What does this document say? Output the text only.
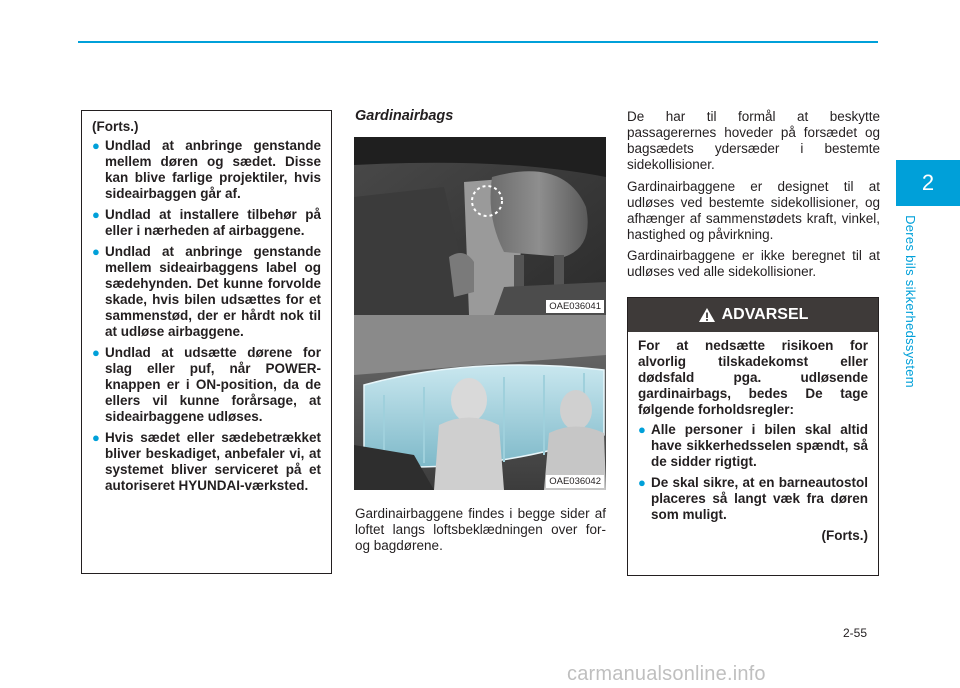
2
Deres bils sikkerhedssystem
(Forts.)
● Undlad at anbringe genstande mellem døren og sædet. Disse kan blive farlige projektiler, hvis sideairbaggen går af.
● Undlad at installere tilbehør på eller i nærheden af airbaggene.
● Undlad at anbringe genstande mellem sideairbaggens label og sædehynden. Det kunne forvolde skade, hvis bilen udsættes for et sammenstød, der er hårdt nok til at udløse airbaggene.
● Undlad at udsætte dørene for slag eller puf, når POWER-knappen er i ON-position, da de ellers vil kunne forårsage, at sideairbaggene udløses.
● Hvis sædet eller sædebetrækket bliver beskadiget, anbefaler vi, at systemet bliver serviceret på et autoriseret HYUNDAI-værksted.
Gardinairbags
OAE036041
OAE036042

Gardinairbaggene findes i begge sider af loftet langs loftsbeklædningen over for- og bagdørene.

De har til formål at beskytte passagerernes hoveder på forsædet og bagsædets ydersæder i bestemte sidekollisioner.

Gardinairbaggene er designet til at udløses ved bestemte sidekollisioner, og afhænger af sammenstødets kraft, vinkel, hastighed og påvirkning.

Gardinairbaggene er ikke beregnet til at udløses ved alle sidekollisioner.

ADVARSEL

For at nedsætte risikoen for alvorlig tilskadekomst eller dødsfald pga. udløsende gardinairbags, bedes De tage følgende forholdsregler:

● Alle personer i bilen skal altid have sikkerhedsselen spændt, så de sidder rigtigt.
● De skal sikre, at en barneautostol placeres så langt væk fra døren som muligt.
(Forts.)
2-55
carmanualsonline.info
